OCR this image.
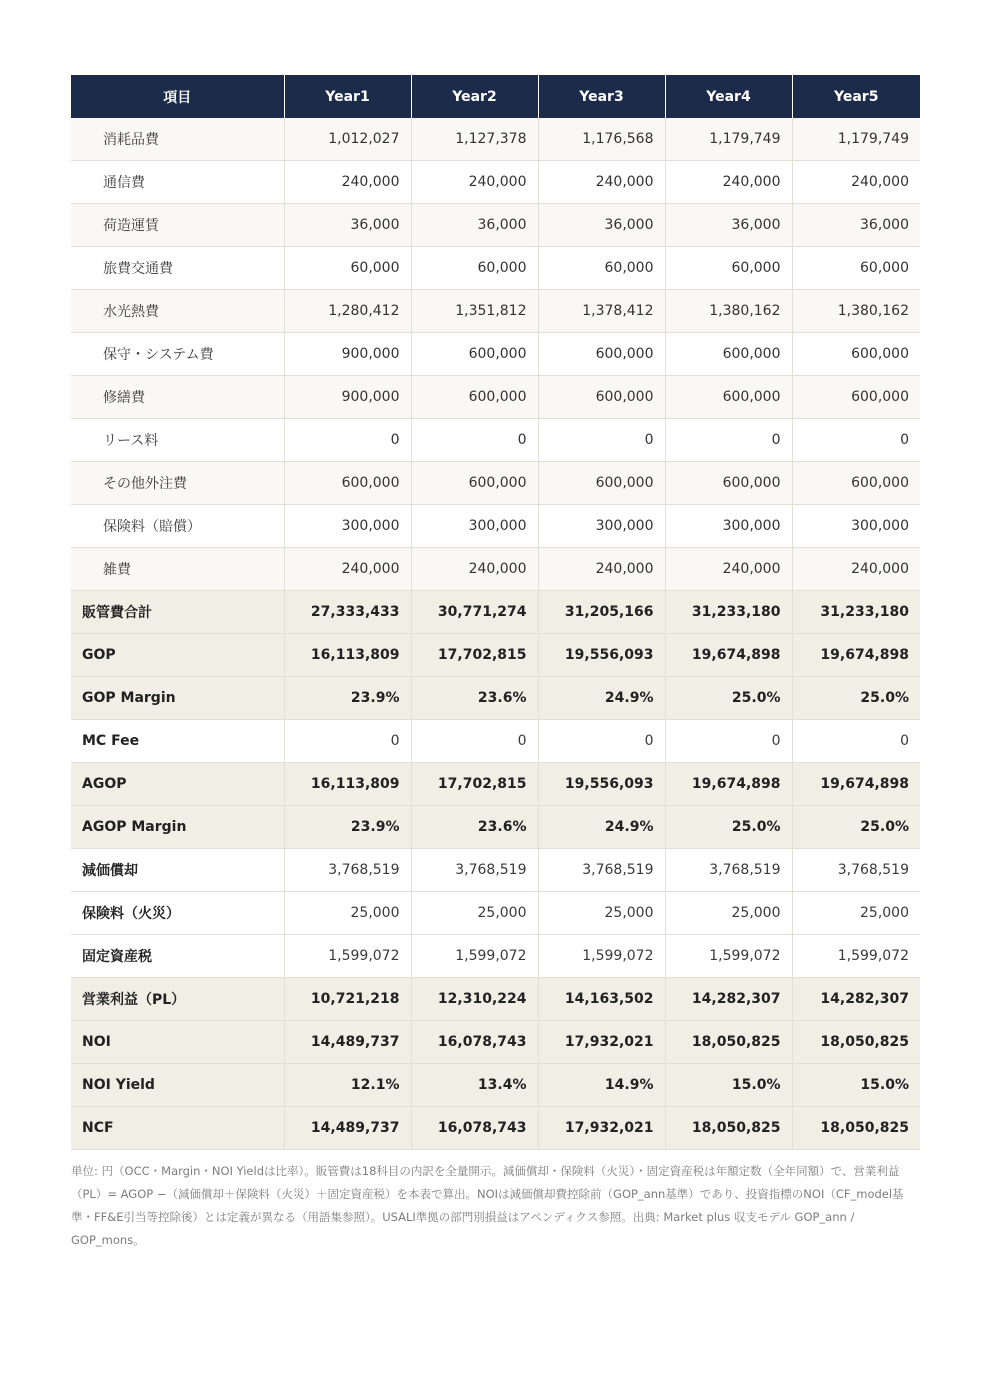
項目	Year1	Year2	Year3	Year4	Year5
消耗品費	1,012,027	1,127,378	1,176,568	1,179,749	1,179,749
通信費	240,000	240,000	240,000	240,000	240,000
荷造運賃	36,000	36,000	36,000	36,000	36,000
旅費交通費	60,000	60,000	60,000	60,000	60,000
水光熱費	1,280,412	1,351,812	1,378,412	1,380,162	1,380,162
保守・システム費	900,000	600,000	600,000	600,000	600,000
修繕費	900,000	600,000	600,000	600,000	600,000
リース料	0	0	0	0	0
その他外注費	600,000	600,000	600,000	600,000	600,000
保険料（賠償）	300,000	300,000	300,000	300,000	300,000
雑費	240,000	240,000	240,000	240,000	240,000
販管費合計	27,333,433	30,771,274	31,205,166	31,233,180	31,233,180
GOP	16,113,809	17,702,815	19,556,093	19,674,898	19,674,898
GOP Margin	23.9%	23.6%	24.9%	25.0%	25.0%
MC Fee	0	0	0	0	0
AGOP	16,113,809	17,702,815	19,556,093	19,674,898	19,674,898
AGOP Margin	23.9%	23.6%	24.9%	25.0%	25.0%
減価償却	3,768,519	3,768,519	3,768,519	3,768,519	3,768,519
保険料（火災）	25,000	25,000	25,000	25,000	25,000
固定資産税	1,599,072	1,599,072	1,599,072	1,599,072	1,599,072
営業利益（PL）	10,721,218	12,310,224	14,163,502	14,282,307	14,282,307
NOI	14,489,737	16,078,743	17,932,021	18,050,825	18,050,825
NOI Yield	12.1%	13.4%	14.9%	15.0%	15.0%
NCF	14,489,737	16,078,743	17,932,021	18,050,825	18,050,825
単位: 円（OCC・Margin・NOI Yieldは比率）。販管費は18科目の内訳を全量開示。減価償却・保険料（火災）・固定資産税は年額定数（全年同額）で、営業利益（PL）= AGOP −（減価償却＋保険料（火災）＋固定資産税）を本表で算出。NOIは減価償却費控除前（GOP_ann基準）であり、投資指標のNOI（CF_model基準・FF&E引当等控除後）とは定義が異なる（用語集参照）。USALI準拠の部門別損益はアペンディクス参照。出典: Market plus 収支モデル GOP_ann / GOP_mons。
